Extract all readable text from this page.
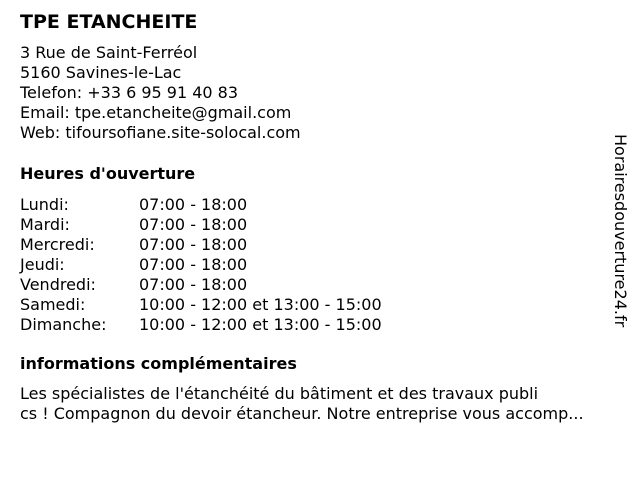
TPE ETANCHEITE
3 Rue de Saint-Ferréol
5160 Savines-le-Lac
Telefon: +33 6 95 91 40 83
Email: tpe.etancheite@gmail.com
Web: tifoursofiane.site-solocal.com
Heures d'ouverture
Lundi:	07:00 - 18:00
Mardi:	07:00 - 18:00
Mercredi:	07:00 - 18:00
Jeudi:	07:00 - 18:00
Vendredi:	07:00 - 18:00
Samedi:	10:00 - 12:00 et 13:00 - 15:00
Dimanche: 10:00 - 12:00 et 13:00 - 15:00
informations complémentaires

Les spécialistes de l'étanchéité du bâtiment et des travaux publi
cs ! Compagnon du devoir étancheur. Notre entreprise vous accomp...

Horairesdouverture24.fr
